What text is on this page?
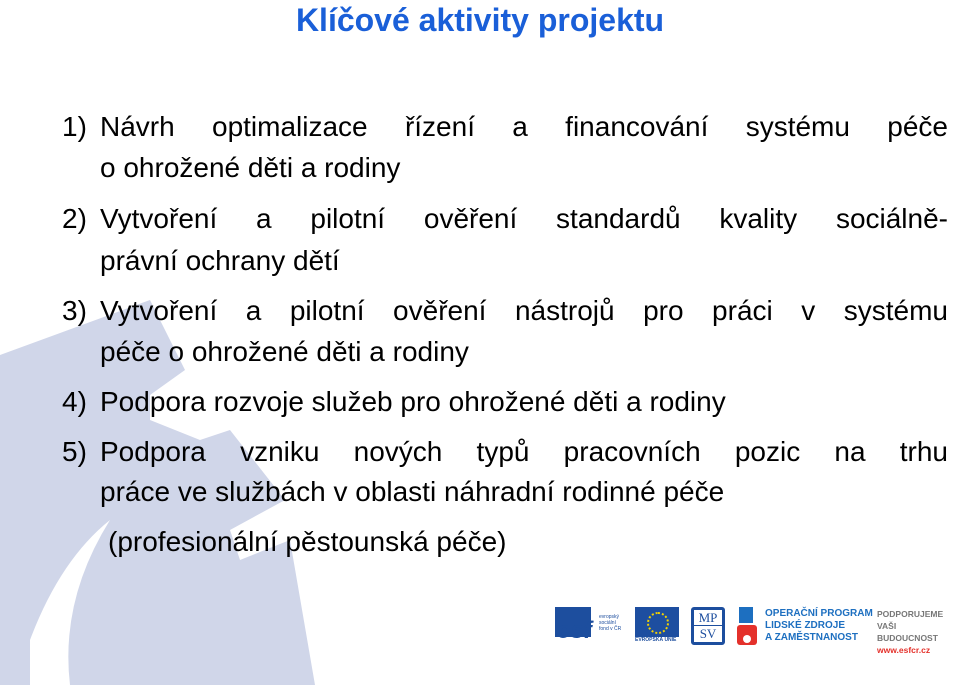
Klíčové aktivity projektu
1) Návrh optimalizace řízení a financování systému péče
o ohrožené děti a rodiny
2) Vytvoření a pilotní ověření standardů kvality sociálně-
právní ochrany dětí
3) Vytvoření a pilotní ověření nástrojů pro práci v systému
péče o ohrožené děti a rodiny
4) Podpora rozvoje služeb pro ohrožené děti a rodiny
5) Podpora vzniku nových typů pracovních pozic na trhu
práce ve službách v oblasti náhradní rodinné péče
(profesionální pěstounská péče)
esf evropský
sociální
fond v ČR
EVROPSKÁ UNIE
MP
SV
OPERAČNÍ PROGRAM
LIDSKÉ ZDROJE
A ZAMĚSTNANOST
PODPORUJEME
VAŠI BUDOUCNOST
www.esfcr.cz
